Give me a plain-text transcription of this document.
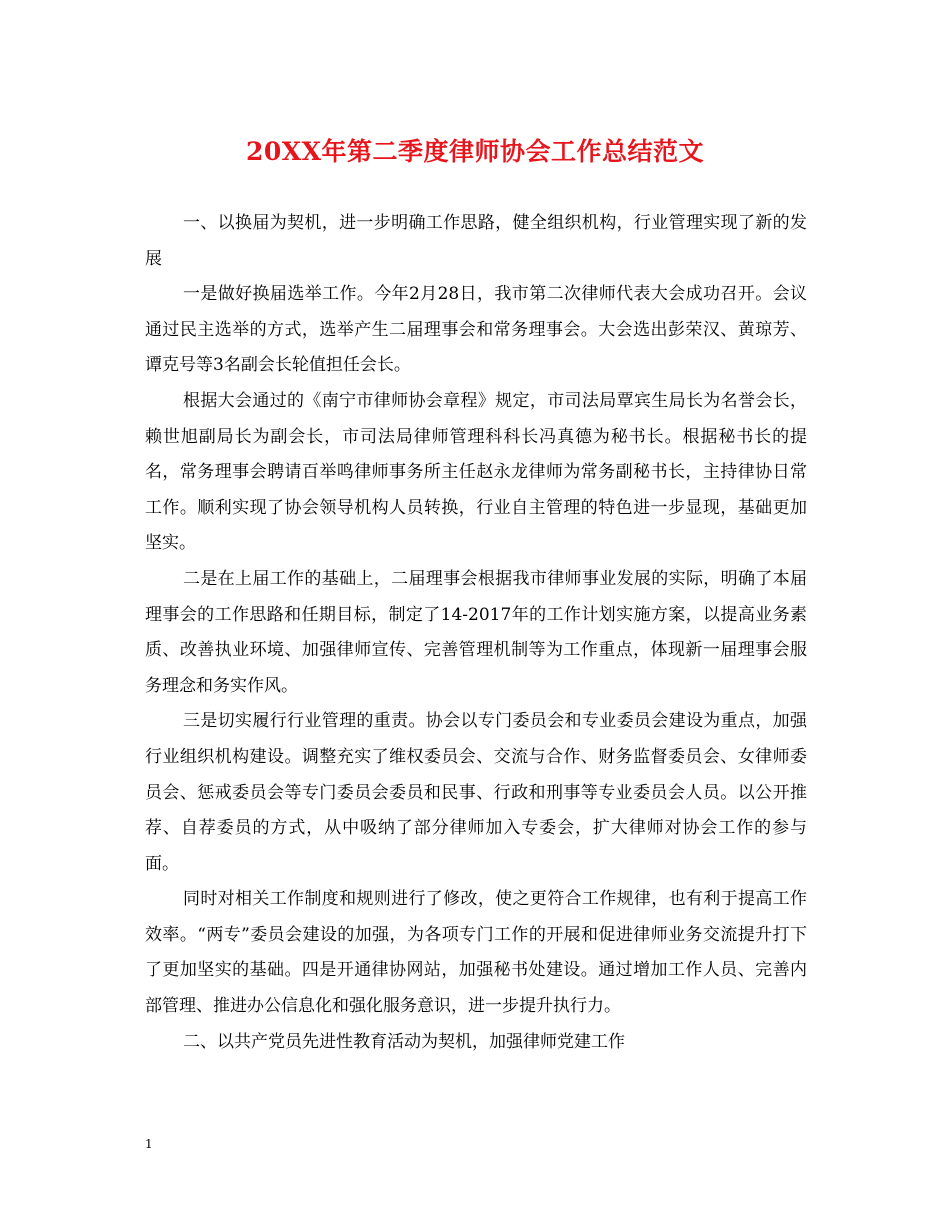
20XX年第二季度律师协会工作总结范文

一、以换届为契机，进一步明确工作思路，健全组织机构，行业管理实现了新的发展

一是做好换届选举工作。今年2月28日，我市第二次律师代表大会成功召开。会议通过民主选举的方式，选举产生二届理事会和常务理事会。大会选出彭荣汉、黄琼芳、谭克号等3名副会长轮值担任会长。

根据大会通过的《南宁市律师协会章程》规定，市司法局覃宾生局长为名誉会长，赖世旭副局长为副会长，市司法局律师管理科科长冯真德为秘书长。根据秘书长的提名，常务理事会聘请百举鸣律师事务所主任赵永龙律师为常务副秘书长，主持律协日常工作。顺利实现了协会领导机构人员转换，行业自主管理的特色进一步显现，基础更加坚实。

二是在上届工作的基础上，二届理事会根据我市律师事业发展的实际，明确了本届理事会的工作思路和任期目标，制定了14-2017年的工作计划实施方案，以提高业务素质、改善执业环境、加强律师宣传、完善管理机制等为工作重点，体现新一届理事会服务理念和务实作风。

三是切实履行行业管理的重责。协会以专门委员会和专业委员会建设为重点，加强行业组织机构建设。调整充实了维权委员会、交流与合作、财务监督委员会、女律师委员会、惩戒委员会等专门委员会委员和民事、行政和刑事等专业委员会人员。以公开推荐、自荐委员的方式，从中吸纳了部分律师加入专委会，扩大律师对协会工作的参与面。

同时对相关工作制度和规则进行了修改，使之更符合工作规律，也有利于提高工作效率。“两专”委员会建设的加强，为各项专门工作的开展和促进律师业务交流提升打下了更加坚实的基础。四是开通律协网站，加强秘书处建设。通过增加工作人员、完善内部管理、推进办公信息化和强化服务意识，进一步提升执行力。

二、以共产党员先进性教育活动为契机，加强律师党建工作

1
